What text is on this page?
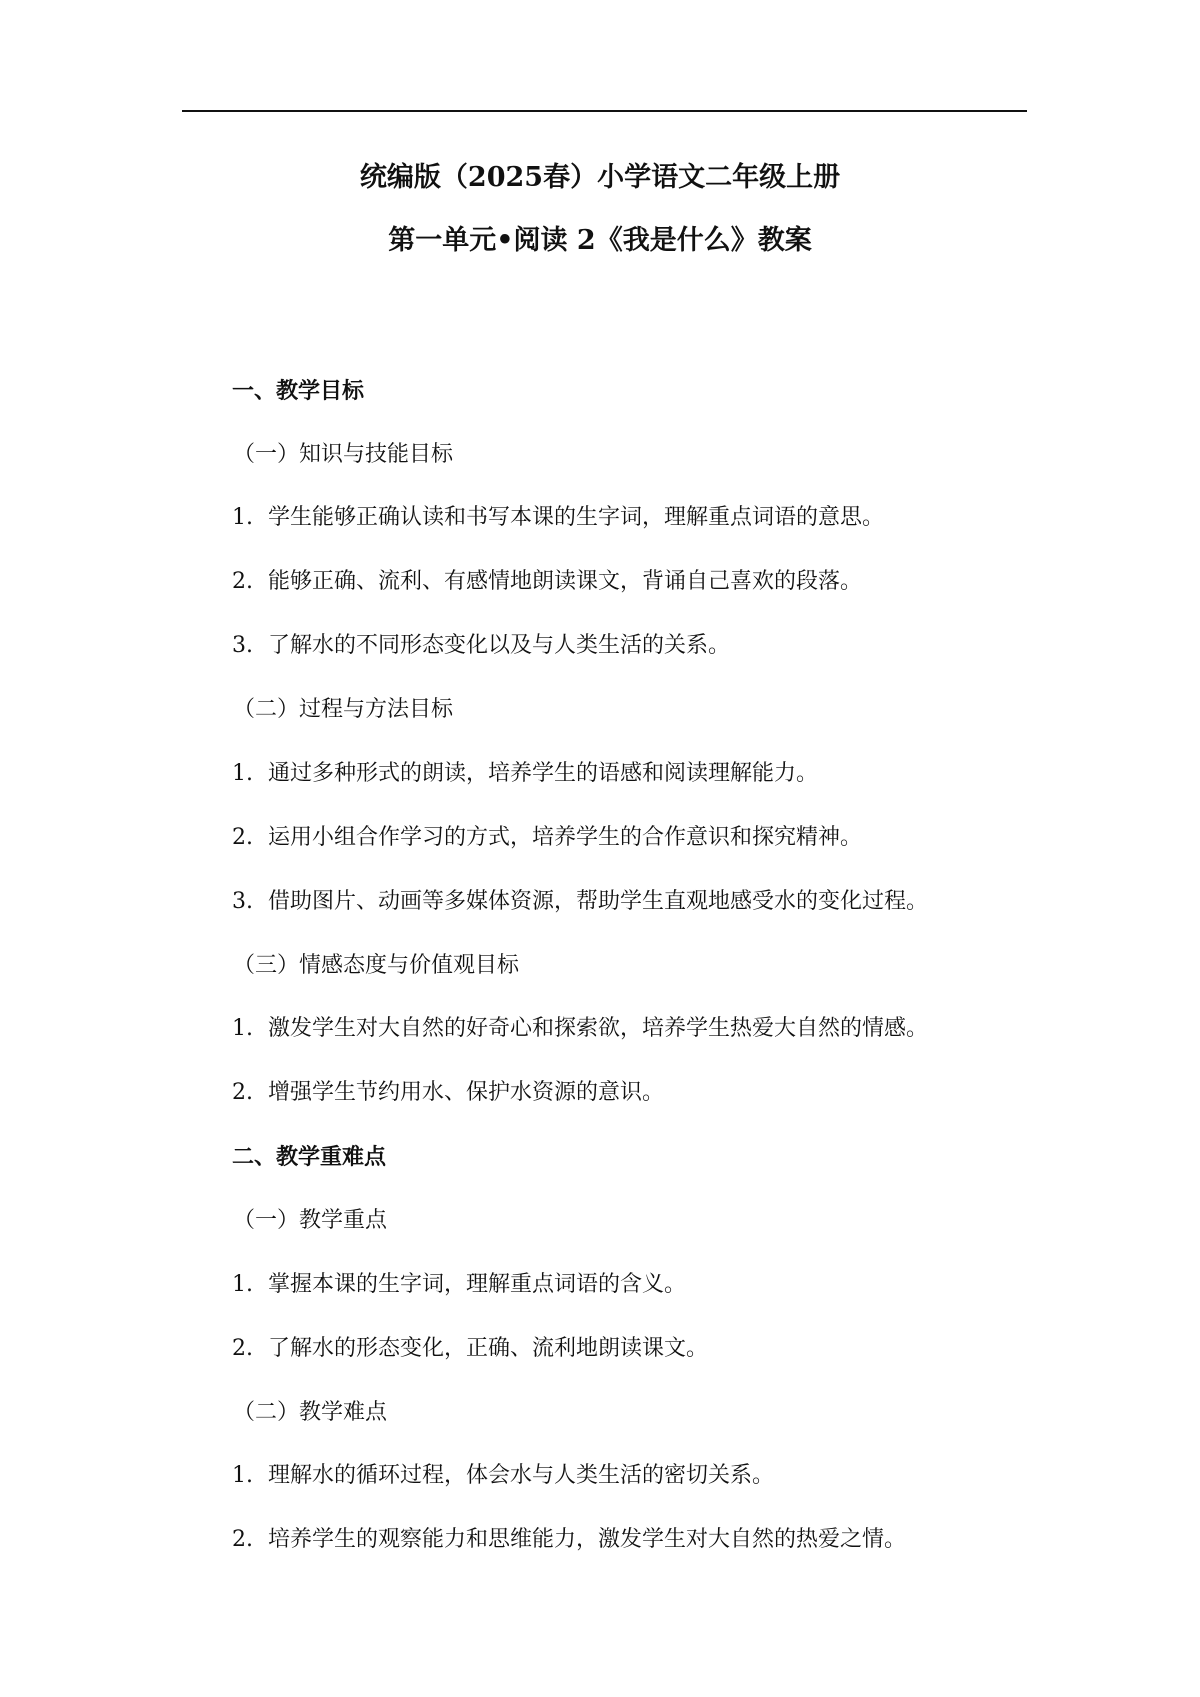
统编版（2025春）小学语文二年级上册
第一单元•阅读 2《我是什么》教案
一、教学目标
（一）知识与技能目标
1. 学生能够正确认读和书写本课的生字词，理解重点词语的意思。
2. 能够正确、流利、有感情地朗读课文，背诵自己喜欢的段落。
3. 了解水的不同形态变化以及与人类生活的关系。
（二）过程与方法目标
1. 通过多种形式的朗读，培养学生的语感和阅读理解能力。
2. 运用小组合作学习的方式，培养学生的合作意识和探究精神。
3. 借助图片、动画等多媒体资源，帮助学生直观地感受水的变化过程。
（三）情感态度与价值观目标
1. 激发学生对大自然的好奇心和探索欲，培养学生热爱大自然的情感。
2. 增强学生节约用水、保护水资源的意识。
二、教学重难点
（一）教学重点
1. 掌握本课的生字词，理解重点词语的含义。
2. 了解水的形态变化，正确、流利地朗读课文。
（二）教学难点
1. 理解水的循环过程，体会水与人类生活的密切关系。
2. 培养学生的观察能力和思维能力，激发学生对大自然的热爱之情。
